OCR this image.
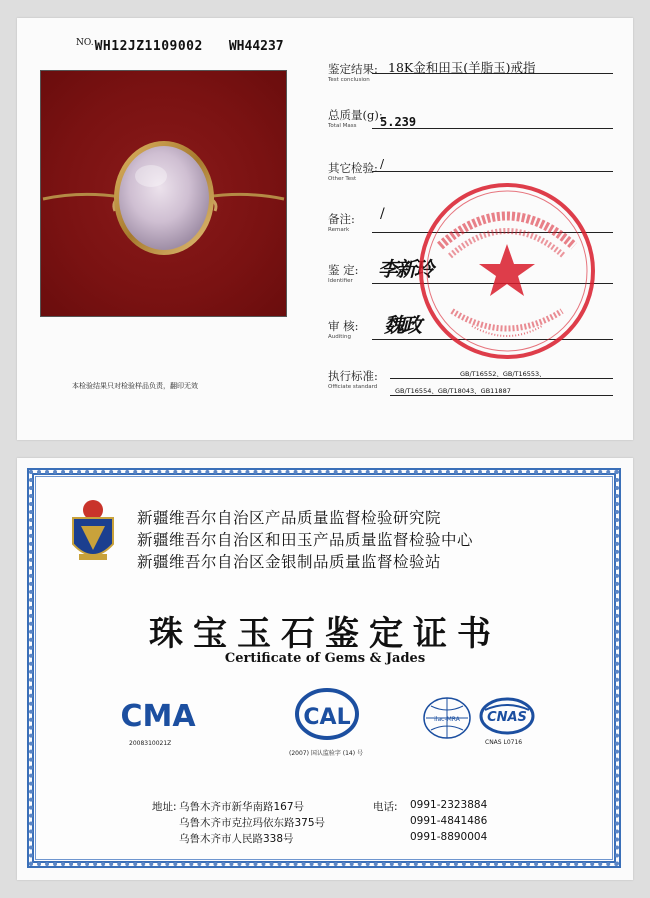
$^{NO.}$WH12JZ1109002 WH44237
本检验结果只对检验样品负责，翻印无效
鉴定结果:
Test conclusion
18K金和田玉(羊脂玉)戒指
总质量(g):
Total Mass	5.239
其它检验:
Other Test
/
备注:
Remark
/
鉴 定:
Identifier	李新玲
审 核:
Auditing	魏政
执行标准:
Officiate standard
GB/T16552、GB/T16553、
GB/T16554、GB/T18043、GB11887
新疆维吾尔自治区产品质量监督检验研究院
新疆维吾尔自治区和田玉产品质量监督检验中心
新疆维吾尔自治区金银制品质量监督检验站
珠宝玉石鉴定证书
Certificate of Gems & Jades
CMA
2008310021Z
CAL
(2007) 国认监验字 (14) 号
ilac-MRA CNAS
CNAS L0716
地址: 乌鲁木齐市新华南路167号
乌鲁木齐市克拉玛依东路375号
乌鲁木齐市人民路338号
电话: 0991-2323884
0991-4841486
0991-8890004
